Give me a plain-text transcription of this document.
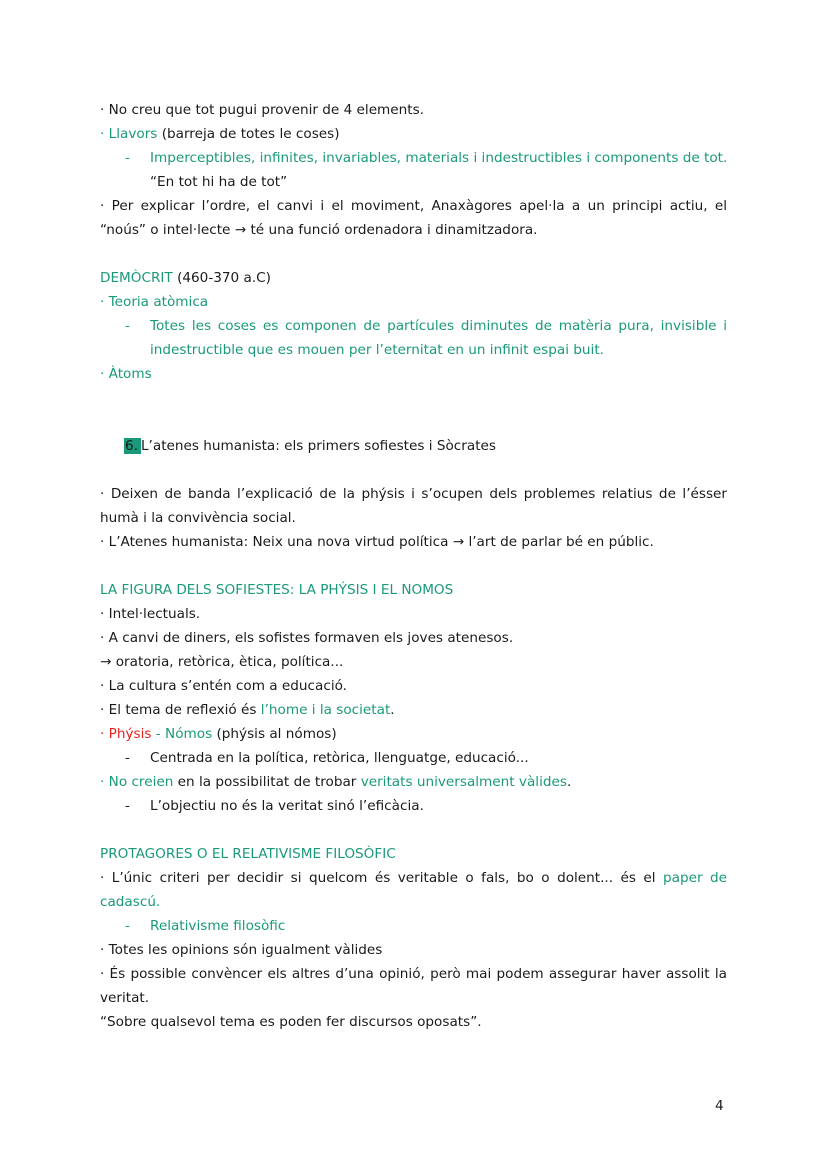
· No creu que tot pugui provenir de 4 elements.
· Llavors (barreja de totes le coses)
- Imperceptibles, infinites, invariables, materials i indestructibles i components de tot.
“En tot hi ha de tot”
· Per explicar l’ordre, el canvi i el moviment, Anaxàgores apel·la a un principi actiu, el
“noús” o intel·lecte → té una funció ordenadora i dinamitzadora.
DEMÒCRIT (460-370 a.C)
· Teoria atòmica
- Totes les coses es componen de partícules diminutes de matèria pura, invisible i
indestructible que es mouen per l’eternitat en un infinit espai buit.
· Àtoms
6. L’atenes humanista: els primers sofiestes i Sòcrates
· Deixen de banda l’explicació de la phýsis i s’ocupen dels problemes relatius de l’ésser
humà i la convivència social.
· L’Atenes humanista: Neix una nova virtud política → l’art de parlar bé en públic.
LA FIGURA DELS SOFIESTES: LA PHÝSIS I EL NOMOS
· Intel·lectuals.
· A canvi de diners, els sofistes formaven els joves atenesos.
→ oratoria, retòrica, ètica, política...
· La cultura s’entén com a educació.
· El tema de reflexió és l’home i la societat.
· Phýsis - Nómos (phýsis al nómos)
- Centrada en la política, retòrica, llenguatge, educació...
· No creien en la possibilitat de trobar veritats universalment vàlides.
- L’objectiu no és la veritat sinó l’eficàcia.
PROTAGORES O EL RELATIVISME FILOSÒFIC
· L’únic criteri per decidir si quelcom és veritable o fals, bo o dolent... és el paper de
cadascú.
- Relativisme filosòfic
· Totes les opinions són igualment vàlides
· És possible convèncer els altres d’una opinió, però mai podem assegurar haver assolit la
veritat.
“Sobre qualsevol tema es poden fer discursos oposats”.
4
